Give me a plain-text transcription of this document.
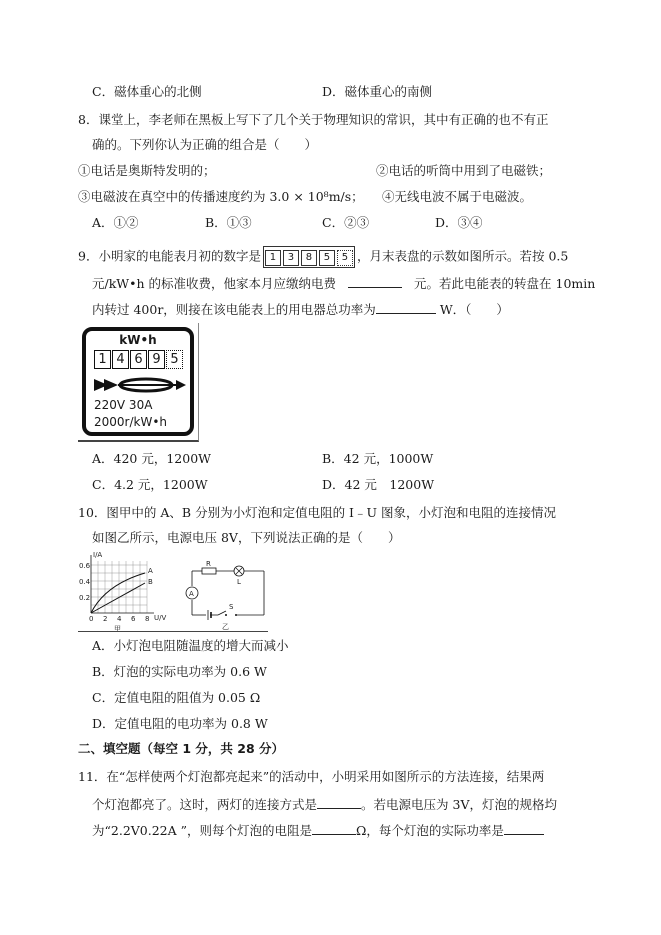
C．磁体重心的北侧	D．磁体重心的南侧
8．课堂上，李老师在黑板上写下了几个关于物理知识的常识，其中有正确的也不有正
确的。下列你认为正确的组合是（　　）
①电话是奥斯特发明的；	②电话的听筒中用到了电磁铁；
③电磁波在真空中的传播速度约为 3.0 × 10⁸m/s； ④无线电波不属于电磁波。
A．①②	B．①③	C．②③	D．③④
9．小明家的电能表月初的数字是 1 3 8 5 5 ，月末表盘的示数如图所示。若按 0.5
元/kW•h 的标准收费，他家本月应缴纳电费	元。若此电能表的转盘在 10min
内转过 400r，则接在该电能表上的用电器总功率为	W．（　　）
kW•h
1 4 6 9 5
220V 30A
2000r/kW•h
A．420 元，1200W	B．42 元，1000W
C．4.2 元，1200W	D．42 元　1200W
10．图甲中的 A、B 分别为小灯泡和定值电阻的 I﹣U 图象，小灯泡和电阻的连接情况
如图乙所示，电源电压 8V，下列说法正确的是（　　）
A
B
I/A
0.6
0.4
0.2
0 2 4 6 8 U/V
甲
R
L
A
S
乙
A．小灯泡电阻随温度的增大而减小
B．灯泡的实际电功率为 0.6 W
C．定值电阻的阻值为 0.05 Ω
D．定值电阻的电功率为 0.8 W
二、填空题（每空 1 分，共 28 分）
11．在“怎样使两个灯泡都亮起来”的活动中，小明采用如图所示的方法连接，结果两
个灯泡都亮了。这时，两灯的连接方式是	。若电源电压为 3V，灯泡的规格均
为“2.2V0.22A ”，则每个灯泡的电阻是	Ω，每个灯泡的实际功率是
